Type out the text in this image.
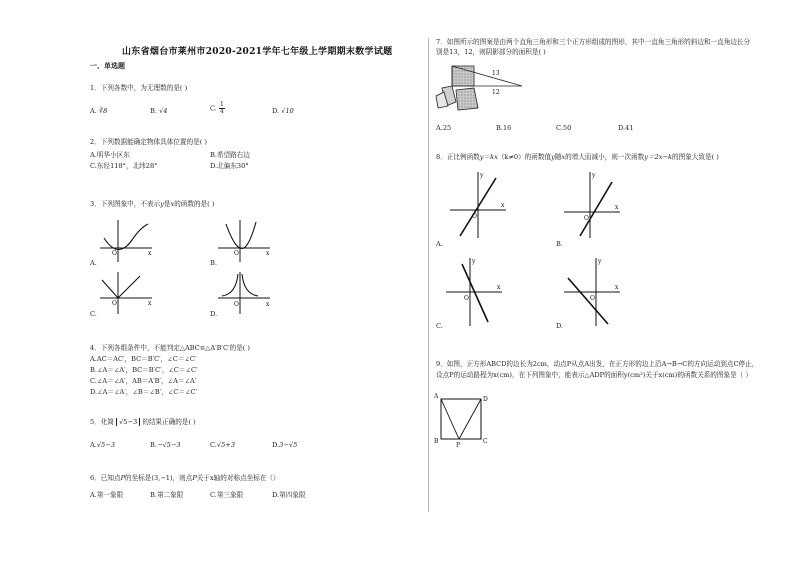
山东省烟台市莱州市2020-2021学年七年级上学期期末数学试题
一、单选题
1．下列各数中，为无理数的是( )
A. ∛8	B. √4	C. $\frac{1}{4}$	D. √10
2．下列数据能确定物体具体位置的是( )
A.明华小区东	B.希望路右边
C.东经118°，北纬28°	D.北偏东30°
3．下列图象中，不表示y是x的函数的是( )
A.	B.
C.	D.
O	x	O	x
O	x	O	x
4．下列各组条件中，不能判定△ABC≌△A′B′C′的是( )
A.AC＝AC′，BC＝B′C′，∠C＝∠C′
B.∠A＝∠A′，BC＝B′C′，∠C＝∠C′
C.∠A＝∠A′，AB＝A′B′，∠A＝∠A′
D.∠A＝∠A′，∠B＝∠B′，∠C＝∠C′
5．化简 √5−3 的结果正确的是( )
A.√5−3	B.−√5−3	C.√5+3	D.3−√5
6．已知点P的坐标是(3,−1)，则点P关于x轴的对称点坐标在（）
A.第一象限	B.第二象限	C.第三象限	D.第四象限
7．如图所示的图案是由两个直角三角形和三个正方形组成的图形，其中一直角三角形的斜边和一直角边长分
别是13，12，则阴影部分的面积是( )
13
12
A.25	B.16	C.50	D.41
8．正比例函数y＝kx（k≠0）的函数值y随x的增大而减小，则一次函数y＝2x−k的图象大致是( )
y
x
O
A.
y
x
O
B.
y
x
O
C.
y
x
O
D.
9．如图，正方形ABCD的边长为2cm，动点P从点A出发，在正方形的边上沿A→B→C的方向运动到点C停止，
设点P的运动路程为x(cm)，在下列图象中，能表示△ADP的面积y(cm²)关于x(cm)的函数关系的图象是（ ）
A	D
B	C
P
